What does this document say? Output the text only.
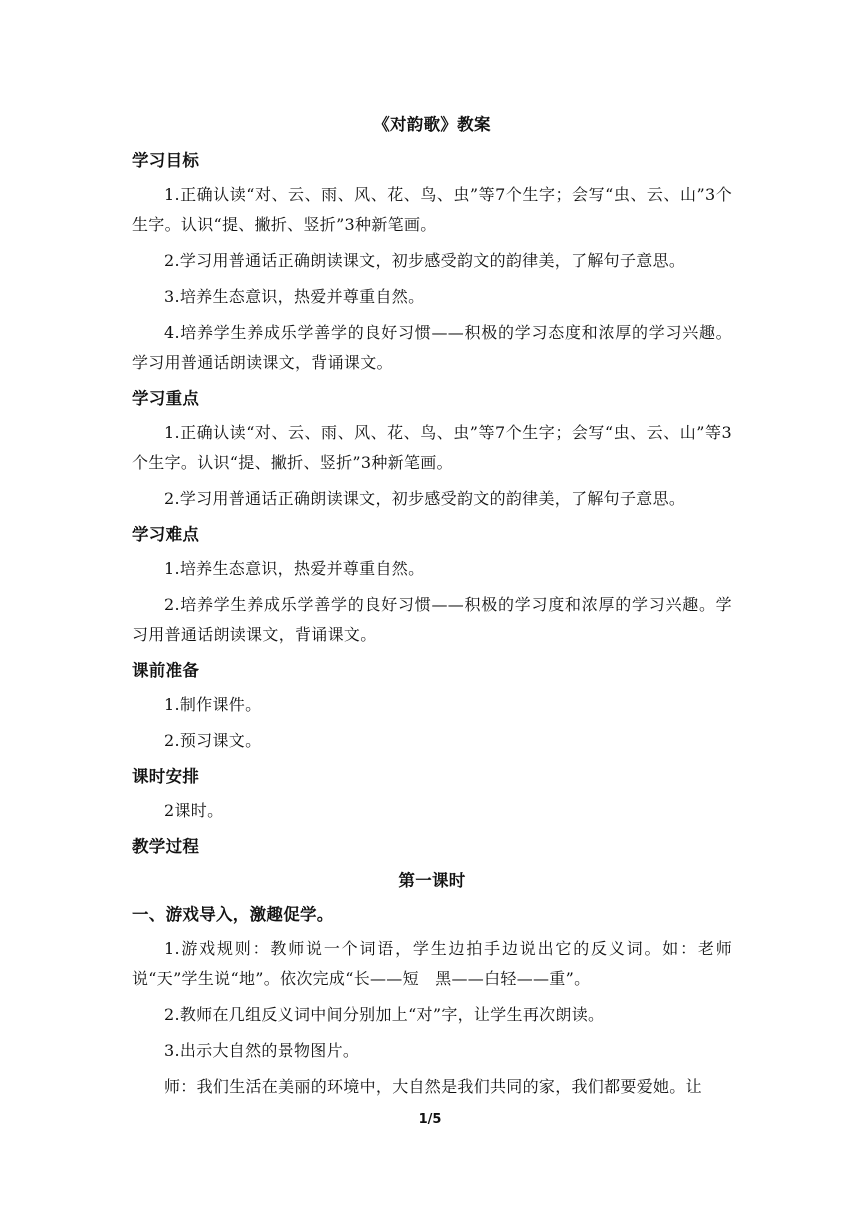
《对韵歌》教案
学习目标
1.正确认读“对、云、雨、风、花、鸟、虫”等7个生字；会写“虫、云、山”3个生字。认识“提、撇折、竖折”3种新笔画。
2.学习用普通话正确朗读课文，初步感受韵文的韵律美，了解句子意思。
3.培养生态意识，热爱并尊重自然。
4.培养学生养成乐学善学的良好习惯——积极的学习态度和浓厚的学习兴趣。学习用普通话朗读课文，背诵课文。
学习重点
1.正确认读“对、云、雨、风、花、鸟、虫”等7个生字；会写“虫、云、山”等3个生字。认识“提、撇折、竖折”3种新笔画。
2.学习用普通话正确朗读课文，初步感受韵文的韵律美，了解句子意思。
学习难点
1.培养生态意识，热爱并尊重自然。
2.培养学生养成乐学善学的良好习惯——积极的学习度和浓厚的学习兴趣。学习用普通话朗读课文，背诵课文。
课前准备
1.制作课件。
2.预习课文。
课时安排
2课时。
教学过程
第一课时
一、游戏导入，激趣促学。
1.游戏规则：教师说一个词语，学生边拍手边说出它的反义词。如：老师说“天”学生说“地”。依次完成“长——短　黑——白轻——重”。
2.教师在几组反义词中间分别加上“对”字，让学生再次朗读。
3.出示大自然的景物图片。
师：我们生活在美丽的环境中，大自然是我们共同的家，我们都要爱她。让
1/5
